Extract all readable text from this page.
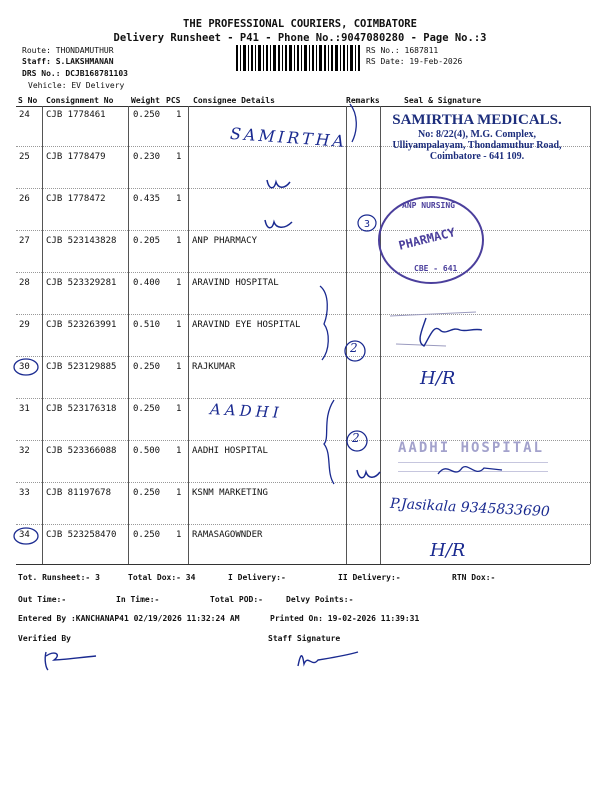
THE PROFESSIONAL COURIERS, COIMBATORE
Delivery Runsheet - P41 - Phone No.:9047080280 - Page No.:3
Route: THONDAMUTHUR
Staff: S.LAKSHMANAN
DRS No.: DCJB168781103
Vehicle: EV Delivery
RS No.: 1687811
RS Date: 19-Feb-2026
S No Consignment No Weight PCS Consignee Details	Remarks	Seal & Signature
24 CJB 1778461	0.250 1
25 CJB 1778479	0.230 1
26 CJB 1778472	0.435 1
27 CJB 523143828 0.205 1 ANP PHARMACY
28 CJB 523329281 0.400 1 ARAVIND HOSPITAL
29 CJB 523263991 0.510 1 ARAVIND EYE HOSPITAL
30 CJB 523129885 0.250 1 RAJKUMAR
31 CJB 523176318 0.250 1
32 CJB 523366088 0.500 1 AADHI HOSPITAL
33 CJB 81197678 0.250 1 KSNM MARKETING
34 CJB 523258470 0.250 1 RAMASAGOWNDER
SAMIRTHA MEDICALS.
No: 8/22(4), M.G. Complex,
Ulliyampalayam, Thondamuthur Road,
Coimbatore - 641 109.
SAMIRTHA
3
2
ANP NURSING
PHARMACY
CBE - 641
H/R
AADHI
2
AADHI HOSPITAL
P.Jasikala 9345833690
H/R
Tot. Runsheet:- 3	Total Dox:- 34	I Delivery:-	II Delivery:-	RTN Dox:-
Out Time:-	In Time:-	Total POD:-	Delvy Points:-
Entered By :KANCHANAP41 02/19/2026 11:32:24 AM	Printed On: 19-02-2026 11:39:31
Verified By	Staff Signature
